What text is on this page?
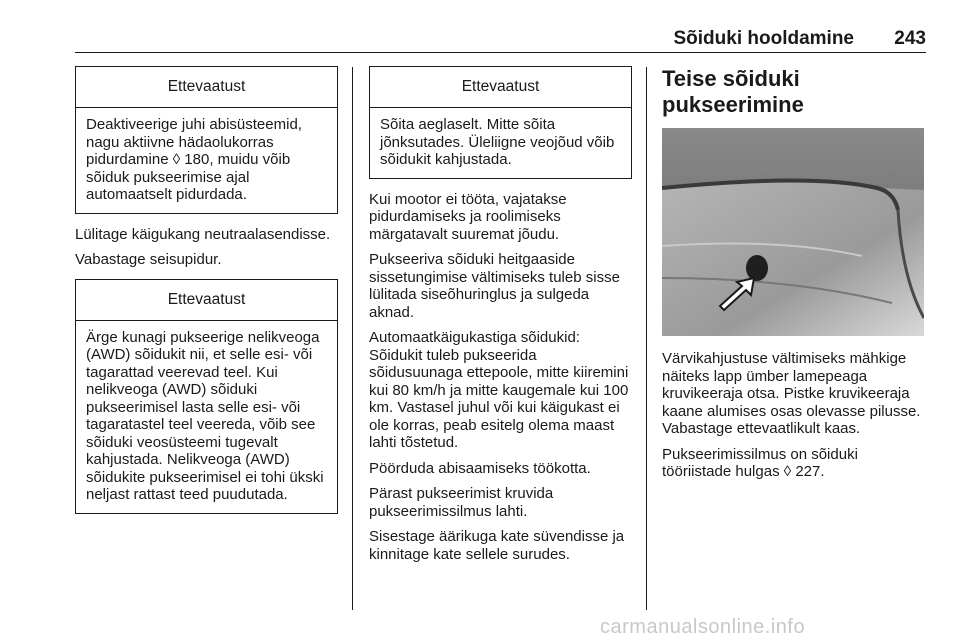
Sõiduki hooldamine 243
Ettevaatust
Deaktiveerige juhi abisüsteemid, nagu aktiivne hädaolukorras pidurdamine ◊ 180, muidu võib sõiduk pukseerimise ajal automaatselt pidurdada.

Lülitage käigukang neutraalasendisse.

Vabastage seisupidur.

Ettevaatust
Ärge kunagi pukseerige nelikveoga (AWD) sõidukit nii, et selle esi- või tagarattad veerevad teel. Kui nelikveoga (AWD) sõiduki pukseerimisel lasta selle esi- või tagaratastel teel veereda, võib see sõiduki veosüsteemi tugevalt kahjustada. Nelikveoga (AWD) sõidukite pukseerimisel ei tohi ükski neljast rattast teed puudutada.
Ettevaatust
Sõita aeglaselt. Mitte sõita jõnksutades. Üleliigne veojõud võib sõidukit kahjustada.

Kui mootor ei tööta, vajatakse pidurdamiseks ja roolimiseks märgatavalt suuremat jõudu.

Pukseeriva sõiduki heitgaaside sissetungimise vältimiseks tuleb sisse lülitada siseõhuringlus ja sulgeda aknad.

Automaatkäigukastiga sõidukid: Sõidukit tuleb pukseerida sõidusuunaga ettepoole, mitte kiiremini kui 80 km/h ja mitte kaugemale kui 100 km. Vastasel juhul või kui käigukast ei ole korras, peab esitelg olema maast lahti tõstetud.

Pöörduda abisaamiseks töökotta.

Pärast pukseerimist kruvida pukseerimissilmus lahti.

Sisestage äärikuga kate süvendisse ja kinnitage kate sellele surudes.

Teise sõiduki pukseerimine

Värvikahjustuse vältimiseks mähkige näiteks lapp ümber lamepeaga kruvikeeraja otsa. Pistke kruvikeeraja kaane alumises osas olevasse pilusse. Vabastage ettevaatlikult kaas.

Pukseerimissilmus on sõiduki tööriistade hulgas ◊ 227.

carmanualsonline.info
